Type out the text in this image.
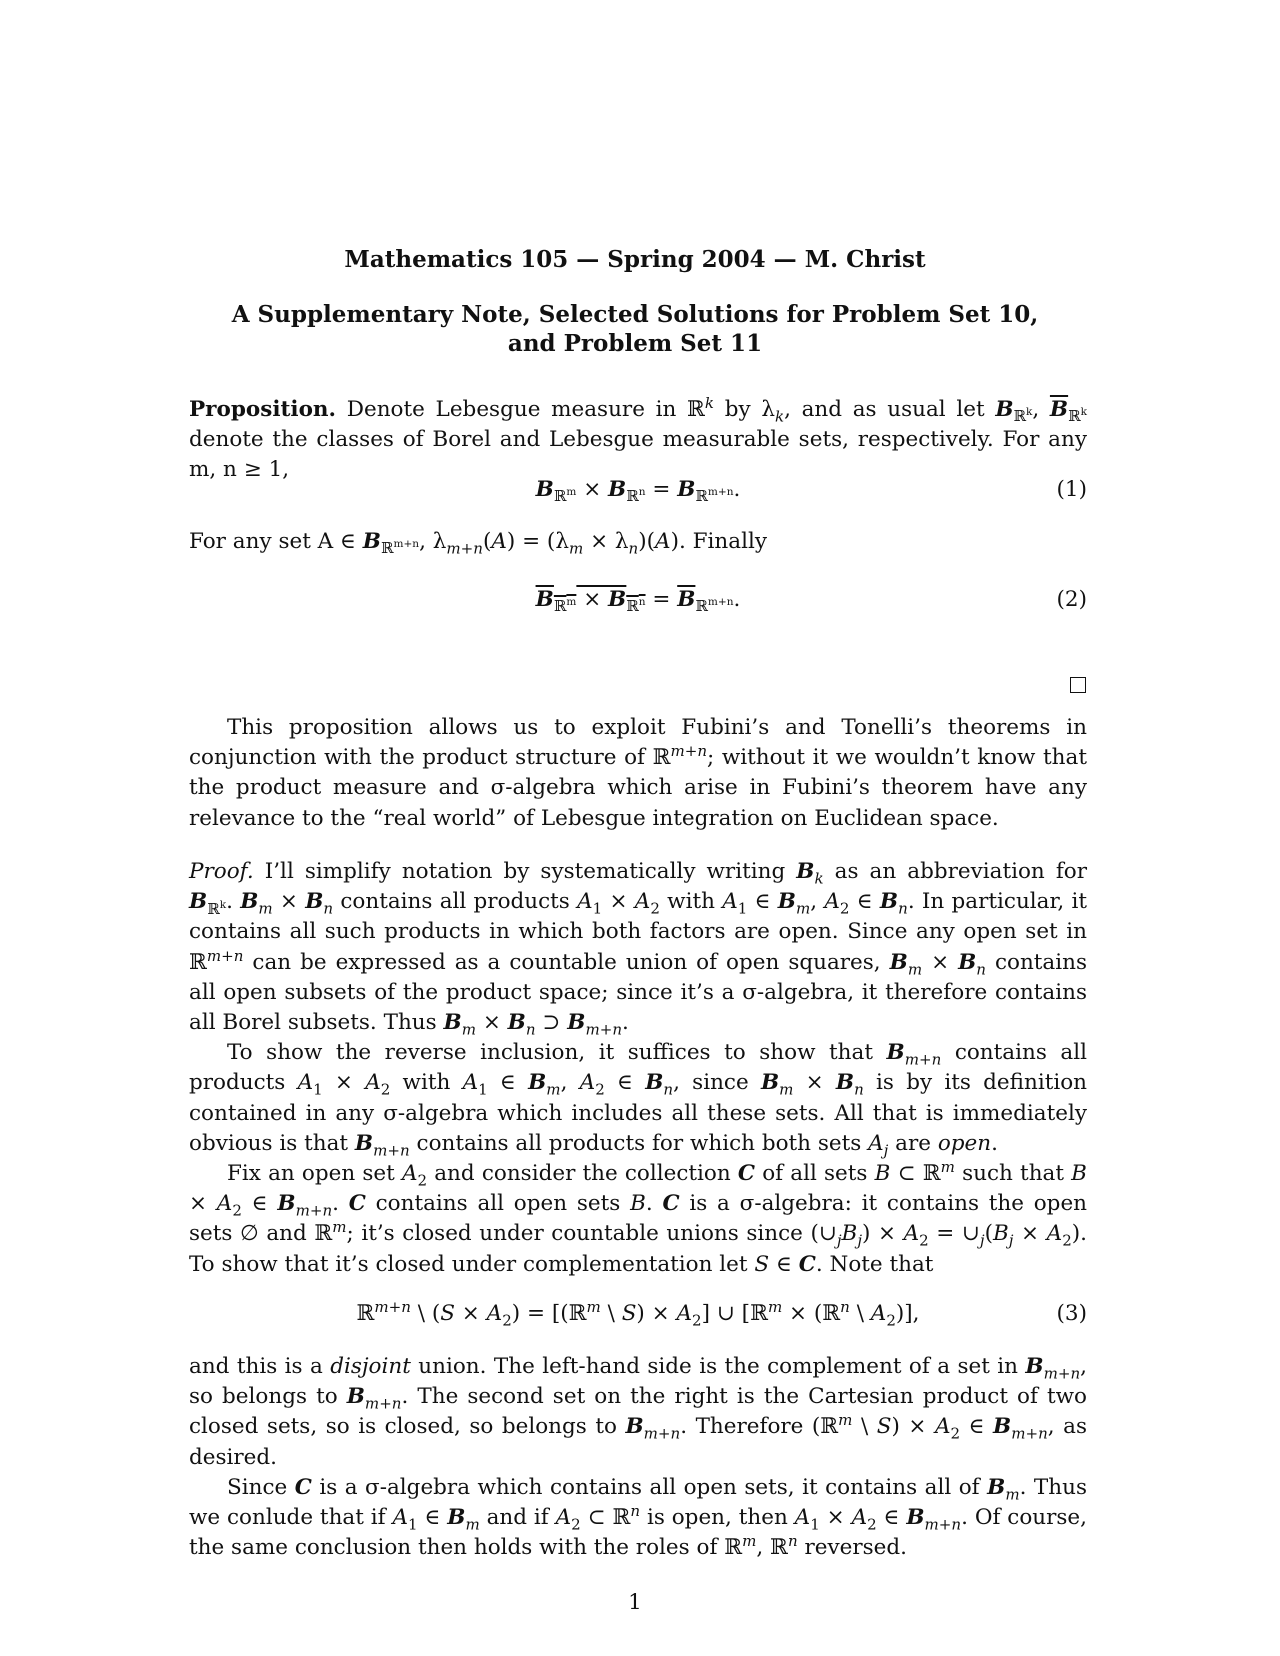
Mathematics 105 — Spring 2004 — M. Christ
A Supplementary Note, Selected Solutions for Problem Set 10,
and Problem Set 11

Proposition. Denote Lebesgue measure in ℝ$^k$ by $\lambda_k$, and as usual let $B_{ℝ^k}$, $\overline{B}_{ℝ^k}$ denote the classes of Borel and Lebesgue measurable sets, respectively. For any m, n ≥ 1,

$B_{ℝ^m} \times B_{ℝ^n} = B_{ℝ^{m+n}}$.	(1)

For any set A ∈ $B_{ℝ^{m+n}}$, $\lambda_{m+n}(A) = (\lambda_m \times \lambda_n)(A)$. Finally

$B_{ℝ^m} \times B_{ℝ^n} = \overline{B}_{ℝ^{m+n}}$.	(2)

This proposition allows us to exploit Fubini’s and Tonelli’s theorems in conjunction with the product structure of ℝ$^{m+n}$; without it we wouldn’t know that the product measure and σ-algebra which arise in Fubini’s theorem have any relevance to the “real world” of Lebesgue integration on Euclidean space.

Proof. I’ll simplify notation by systematically writing $B_k$ as an abbreviation for $B_{ℝ^k}$. $B_m \times B_n$ contains all products $A_1 \times A_2$ with $A_1$ ∈ $B_m$, $A_2$ ∈ $B_n$. In particular, it contains all such products in which both factors are open. Since any open set in ℝ$^{m+n}$ can be expressed as a countable union of open squares, $B_m \times B_n$ contains all open subsets of the product space; since it’s a σ-algebra, it therefore contains all Borel subsets. Thus $B_m \times B_n$ ⊃ $B_{m+n}$.

To show the reverse inclusion, it suffices to show that $B_{m+n}$ contains all products $A_1 \times A_2$ with $A_1$ ∈ $B_m$, $A_2$ ∈ $B_n$, since $B_m \times B_n$ is by its definition contained in any σ-algebra which includes all these sets. All that is immediately obvious is that $B_{m+n}$ contains all products for which both sets $A_j$ are open.

Fix an open set $A_2$ and consider the collection C of all sets B ⊂ ℝ$^m$ such that $B \times A_2$ ∈ $B_{m+n}$. C contains all open sets B. C is a σ-algebra: it contains the open sets ∅ and ℝ$^m$; it’s closed under countable unions since $(\cup_jB_j) \times A_2$ = $\cup_j(B_j \times A_2)$. To show that it’s closed under complementation let S ∈ C. Note that

ℝ$^{m+n}$ \ $(S \times A_2)$ = [(ℝ$^m$ \ $S) \times A_2$] ∪ [ℝ$^m$ × (ℝ$^n$ \ $A_2$)],	(3)

and this is a disjoint union. The left-hand side is the complement of a set in $B_{m+n}$, so belongs to $B_{m+n}$. The second set on the right is the Cartesian product of two closed sets, so is closed, so belongs to $B_{m+n}$. Therefore (ℝ$^m$ \ $S) \times A_2$ ∈ $B_{m+n}$, as desired.

Since C is a σ-algebra which contains all open sets, it contains all of $B_m$. Thus we conlude that if $A_1$ ∈ $B_m$ and if $A_2$ ⊂ ℝ$^n$ is open, then $A_1 \times A_2$ ∈ $B_{m+n}$. Of course, the same conclusion then holds with the roles of ℝ$^m$, ℝ$^n$ reversed.

1
